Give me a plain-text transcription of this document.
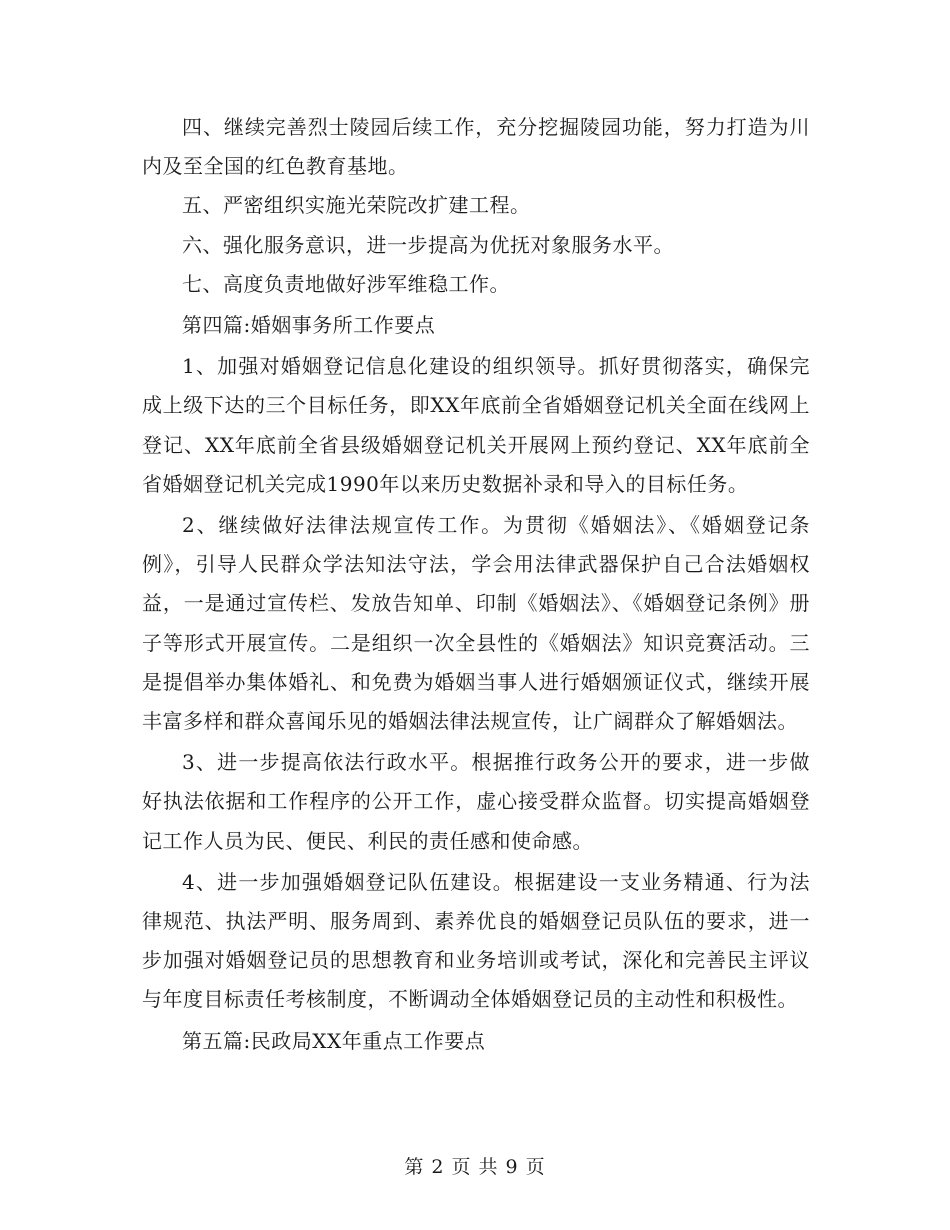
四、继续完善烈士陵园后续工作，充分挖掘陵园功能，努力打造为川内及至全国的红色教育基地。

五、严密组织实施光荣院改扩建工程。

六、强化服务意识，进一步提高为优抚对象服务水平。

七、高度负责地做好涉军维稳工作。

第四篇:婚姻事务所工作要点

1、加强对婚姻登记信息化建设的组织领导。抓好贯彻落实，确保完成上级下达的三个目标任务，即XX年底前全省婚姻登记机关全面在线网上登记、XX年底前全省县级婚姻登记机关开展网上预约登记、XX年底前全省婚姻登记机关完成1990年以来历史数据补录和导入的目标任务。

2、继续做好法律法规宣传工作。为贯彻《婚姻法》、《婚姻登记条例》，引导人民群众学法知法守法，学会用法律武器保护自己合法婚姻权益，一是通过宣传栏、发放告知单、印制《婚姻法》、《婚姻登记条例》册子等形式开展宣传。二是组织一次全县性的《婚姻法》知识竞赛活动。三是提倡举办集体婚礼、和免费为婚姻当事人进行婚姻颁证仪式，继续开展丰富多样和群众喜闻乐见的婚姻法律法规宣传，让广阔群众了解婚姻法。

3、进一步提高依法行政水平。根据推行政务公开的要求，进一步做好执法依据和工作程序的公开工作，虚心接受群众监督。切实提高婚姻登记工作人员为民、便民、利民的责任感和使命感。

4、进一步加强婚姻登记队伍建设。根据建设一支业务精通、行为法律规范、执法严明、服务周到、素养优良的婚姻登记员队伍的要求，进一步加强对婚姻登记员的思想教育和业务培训或考试，深化和完善民主评议与年度目标责任考核制度，不断调动全体婚姻登记员的主动性和积极性。

第五篇:民政局XX年重点工作要点

第 2 页 共 9 页
